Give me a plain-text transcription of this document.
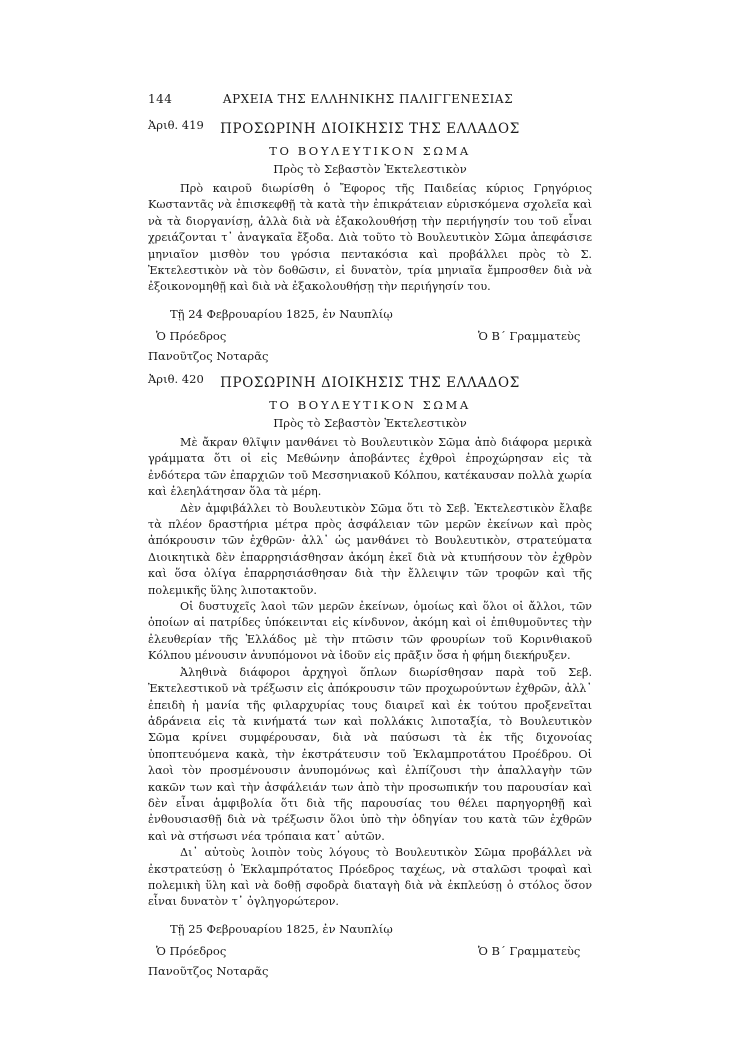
144	ΑΡΧΕΙΑ ΤΗΣ ΕΛΛΗΝΙΚΗΣ ΠΑΛΙΓΓΕΝΕΣΙΑΣ
Ἀριθ. 419	ΠΡΟΣΩΡΙΝΗ ΔΙΟΙΚΗΣΙΣ ΤΗΣ ΕΛΛΑΔΟΣ
ΤΟ ΒΟΥΛΕΥΤΙΚΟΝ ΣΩΜΑ
Πρὸς τὸ Σεβαστὸν Ἐκτελεστικὸν

Πρὸ καιροῦ διωρίσθη ὁ Ἔφορος τῆς Παιδείας κύριος Γρηγόριος Κωσταντᾶς νὰ ἐπισκεφθῇ τὰ κατὰ τὴν ἐπικράτειαν εὑρισκόμενα σχολεῖα καὶ νὰ τὰ διοργανίσῃ, ἀλλὰ διὰ νὰ ἐξακολουθήσῃ τὴν περιήγησίν του τοῦ εἶναι χρειάζονται τ᾽ ἀναγκαῖα ἔξοδα. Διὰ τοῦτο τὸ Βουλευτικὸν Σῶμα ἀπεφάσισε μηνιαῖον μισθὸν του γρόσια πεντακόσια καὶ προβάλλει πρὸς τὸ Σ. Ἐκτελεστικὸν νὰ τὸν δοθῶσιν, εἰ δυνατὸν, τρία μηνιαῖα ἔμπροσθεν διὰ νὰ ἐξοικονομηθῇ καὶ διὰ νὰ ἐξακολουθήσῃ τὴν περιήγησίν του.

Τῇ 24 Φεβρουαρίου 1825, ἐν Ναυπλίῳ
Ὁ Πρόεδρος	Ὁ Β΄ Γραμματεὺς
Πανοῦτζος Νοταρᾶς
Ἀριθ. 420	ΠΡΟΣΩΡΙΝΗ ΔΙΟΙΚΗΣΙΣ ΤΗΣ ΕΛΛΑΔΟΣ
ΤΟ ΒΟΥΛΕΥΤΙΚΟΝ ΣΩΜΑ
Πρὸς τὸ Σεβαστὸν Ἐκτελεστικὸν

Μὲ ἄκραν θλῖψιν μανθάνει τὸ Βουλευτικὸν Σῶμα ἀπὸ διάφορα μερικὰ γράμματα ὅτι οἱ εἰς Μεθώνην ἀποβάντες ἐχθροὶ ἐπροχώρησαν εἰς τὰ ἐνδότερα τῶν ἐπαρχιῶν τοῦ Μεσσηνιακοῦ Κόλπου, κατέκαυσαν πολλὰ χωρία καὶ ἐλεηλάτησαν ὅλα τὰ μέρη.

Δὲν ἀμφιβάλλει τὸ Βουλευτικὸν Σῶμα ὅτι τὸ Σεβ. Ἐκτελεστικὸν ἔλαβε τὰ πλέον δραστήρια μέτρα πρὸς ἀσφάλειαν τῶν μερῶν ἐκείνων καὶ πρὸς ἀπόκρουσιν τῶν ἐχθρῶν· ἀλλ᾽ ὡς μανθάνει τὸ Βουλευτικὸν, στρατεύματα Διοικητικὰ δὲν ἐπαρρησιάσθησαν ἀκόμη ἐκεῖ διὰ νὰ κτυπήσουν τὸν ἐχθρὸν καὶ ὅσα ὀλίγα ἐπαρρησιάσθησαν διὰ τὴν ἔλλειψιν τῶν τροφῶν καὶ τῆς πολεμικῆς ὕλης λιποτακτοῦν.

Οἱ δυστυχεῖς λαοὶ τῶν μερῶν ἐκείνων, ὁμοίως καὶ ὅλοι οἱ ἄλλοι, τῶν ὁποίων αἱ πατρίδες ὑπόκεινται εἰς κίνδυνον, ἀκόμη καὶ οἱ ἐπιθυμοῦντες τὴν ἐλευθερίαν τῆς Ἑλλάδος μὲ τὴν πτῶσιν τῶν φρουρίων τοῦ Κορινθιακοῦ Κόλπου μένουσιν ἀνυπόμονοι νὰ ἰδοῦν εἰς πρᾶξιν ὅσα ἡ φήμη διεκήρυξεν.

Ἀληθινὰ διάφοροι ἀρχηγοὶ ὅπλων διωρίσθησαν παρὰ τοῦ Σεβ. Ἐκτελεστικοῦ νὰ τρέξωσιν εἰς ἀπόκρουσιν τῶν προχωρούντων ἐχθρῶν, ἀλλ᾽ ἐπειδὴ ἡ μανία τῆς φιλαρχυρίας τους διαιρεῖ καὶ ἐκ τούτου προξενεῖται ἀδράνεια εἰς τὰ κινήματά των καὶ πολλάκις λιποταξία, τὸ Βουλευτικὸν Σῶμα κρίνει συμφέρουσαν, διὰ νὰ παύσωσι τὰ ἐκ τῆς διχονοίας ὑποπτευόμενα κακὰ, τὴν ἐκστράτευσιν τοῦ Ἐκλαμπροτάτου Προέδρου. Οἱ λαοὶ τὸν προσμένουσιν ἀνυπομόνως καὶ ἐλπίζουσι τὴν ἀπαλλαγὴν τῶν κακῶν των καὶ τὴν ἀσφάλειάν των ἀπὸ τὴν προσωπικήν του παρουσίαν καὶ δὲν εἶναι ἀμφιβολία ὅτι διὰ τῆς παρουσίας του θέλει παρηγορηθῇ καὶ ἐνθουσιασθῇ διὰ νὰ τρέξωσιν ὅλοι ὑπὸ τὴν ὁδηγίαν του κατὰ τῶν ἐχθρῶν καὶ νὰ στήσωσι νέα τρόπαια κατ᾽ αὐτῶν.

Δι᾽ αὐτοὺς λοιπὸν τοὺς λόγους τὸ Βουλευτικὸν Σῶμα προβάλλει νὰ ἐκστρατεύσῃ ὁ Ἐκλαμπρότατος Πρόεδρος ταχέως, νὰ σταλῶσι τροφαὶ καὶ πολεμικὴ ὕλη καὶ νὰ δοθῇ σφοδρὰ διαταγὴ διὰ νὰ ἐκπλεύσῃ ὁ στόλος ὅσον εἶναι δυνατὸν τ᾽ ὀγληγορώτερον.

Τῇ 25 Φεβρουαρίου 1825, ἐν Ναυπλίῳ
Ὁ Πρόεδρος	Ὁ Β΄ Γραμματεὺς
Πανοῦτζος Νοταρᾶς
